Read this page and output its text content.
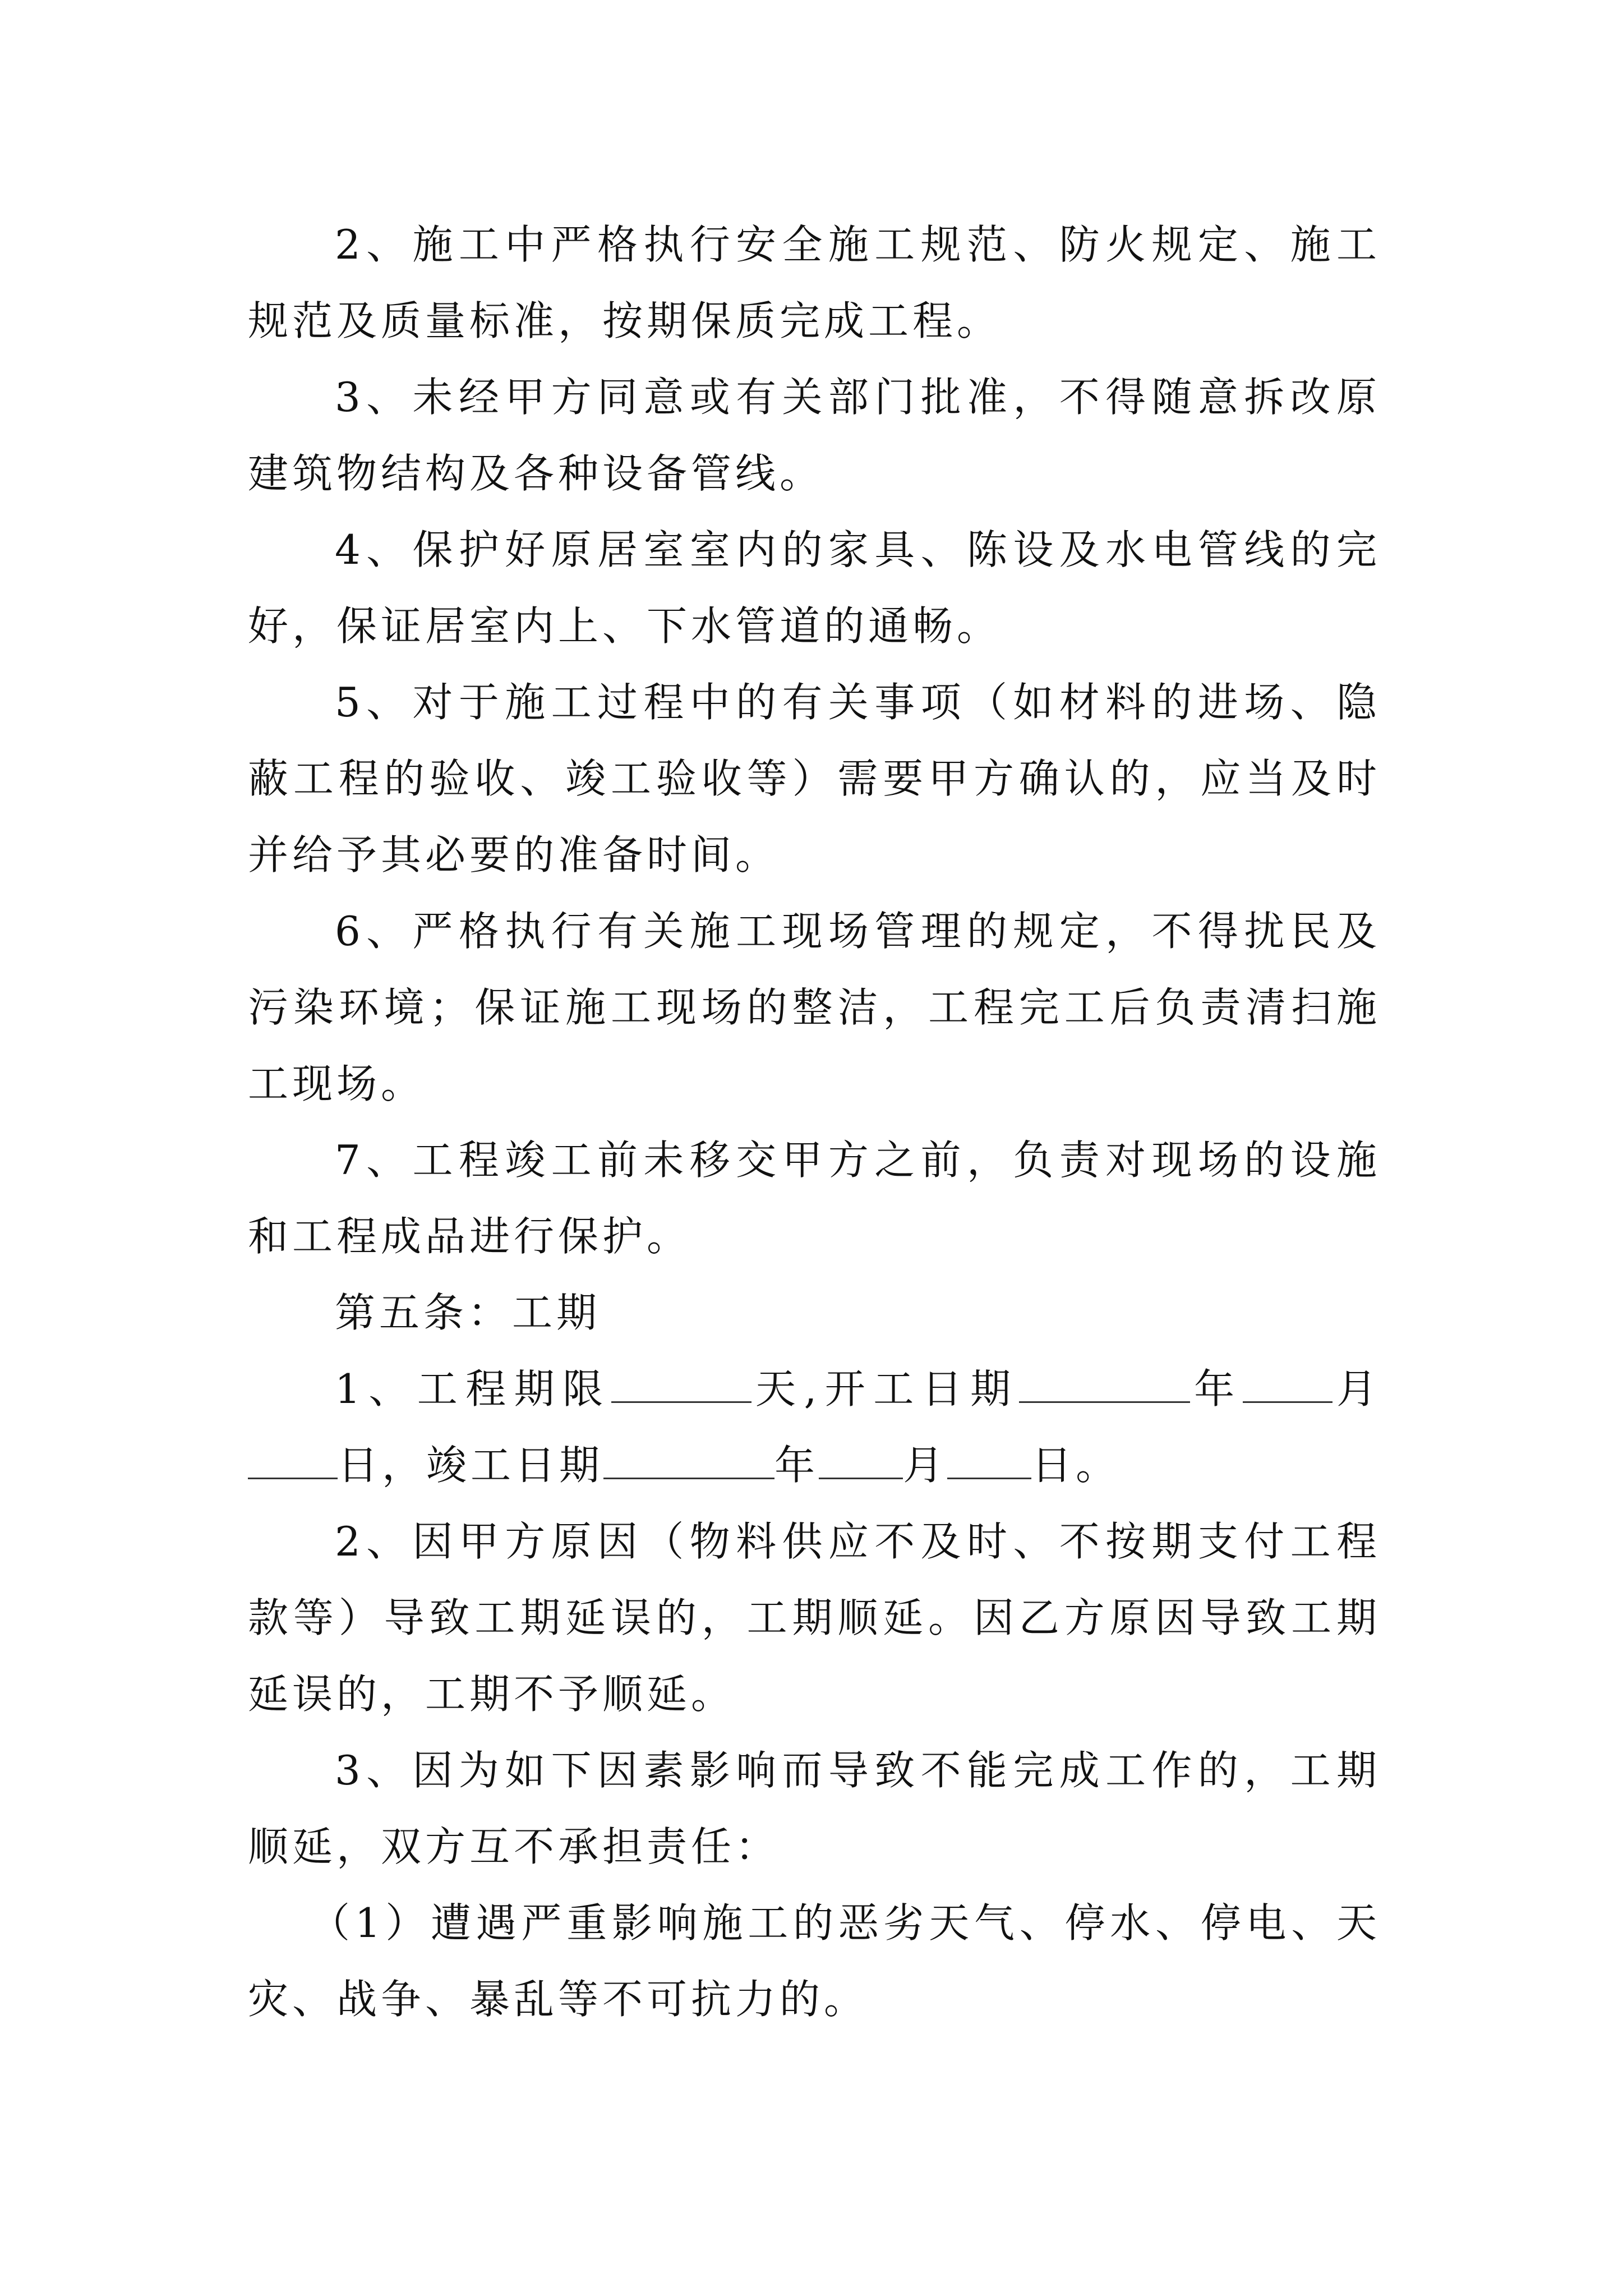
2、施工中严格执行安全施工规范、防火规定、施工规范及质量标准，按期保质完成工程。

3、未经甲方同意或有关部门批准，不得随意拆改原建筑物结构及各种设备管线。

4、保护好原居室室内的家具、陈设及水电管线的完好，保证居室内上、下水管道的通畅。

5、对于施工过程中的有关事项（如材料的进场、隐蔽工程的验收、竣工验收等）需要甲方确认的，应当及时并给予其必要的准备时间。

6、严格执行有关施工现场管理的规定，不得扰民及污染环境；保证施工现场的整洁，工程完工后负责清扫施工现场。

7、工程竣工前未移交甲方之前，负责对现场的设施和工程成品进行保护。

第五条：工期

1、工程期限	天,开工日期	年 月日，竣工日期	年 月 日。

2、因甲方原因（物料供应不及时、不按期支付工程款等）导致工期延误的，工期顺延。因乙方原因导致工期延误的，工期不予顺延。

3、因为如下因素影响而导致不能完成工作的，工期顺延，双方互不承担责任：

（1）遭遇严重影响施工的恶劣天气、停水、停电、天灾、战争、暴乱等不可抗力的。
